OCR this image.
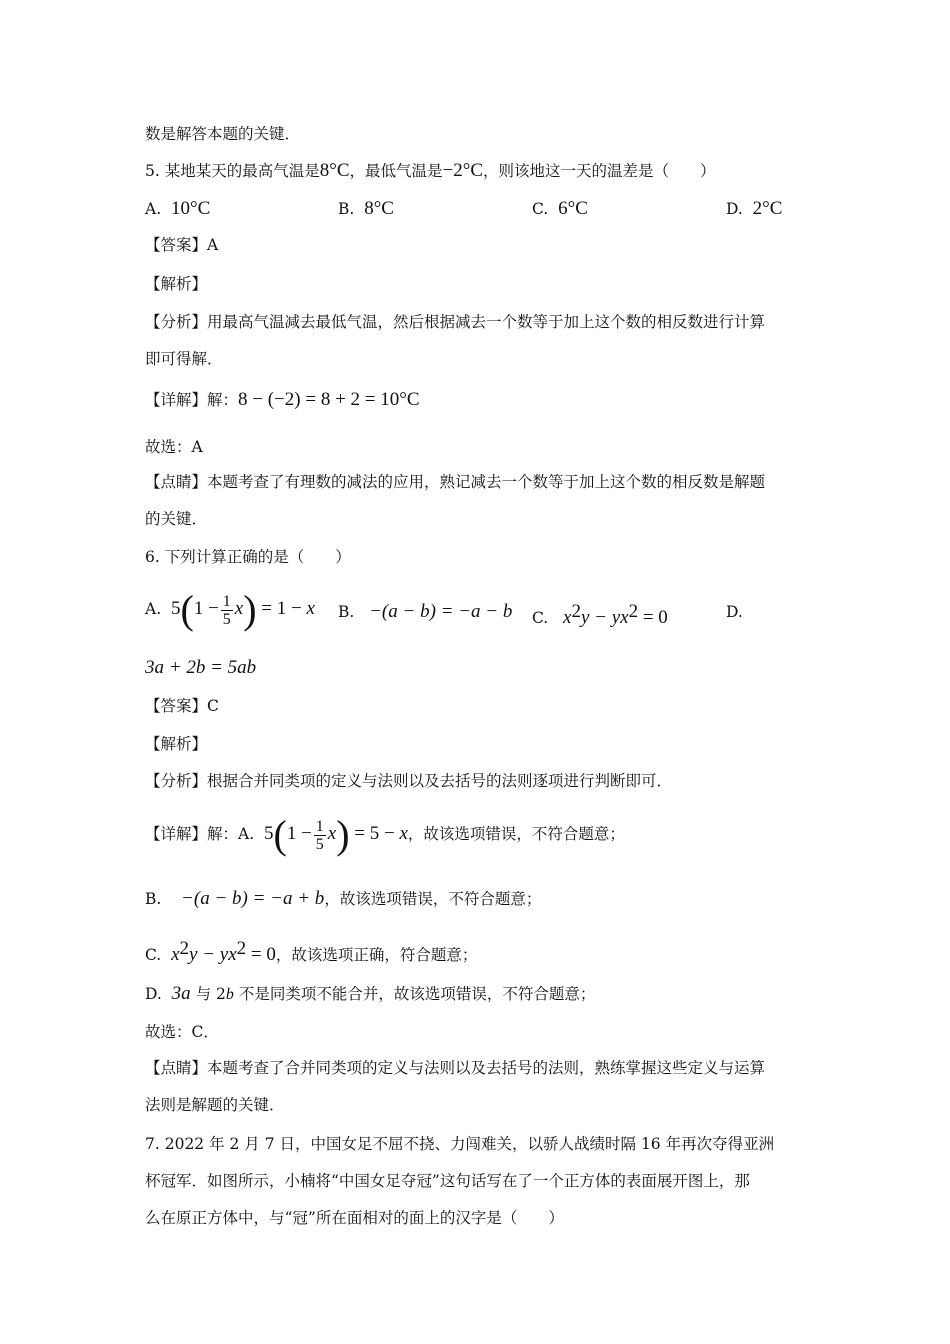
数是解答本题的关键．
5. 某地某天的最高气温是8°C，最低气温是−2°C，则该地这一天的温差是（　　）
A. 10°C	B. 8°C	C. 6°C	D. 2°C
【答案】A
【解析】
【分析】用最高气温减去最低气温，然后根据减去一个数等于加上这个数的相反数进行计算
即可得解．
【详解】解：8 − (−2) = 8 + 2 = 10°C
故选：A
【点睛】本题考查了有理数的减法的应用，熟记减去一个数等于加上这个数的相反数是解题
的关键．
6. 下列计算正确的是（　　）
A. $5(1 - \frac{1}{5} x) = 1 - x$ B. −(a − b) = −a − b C. $x^2y - yx^2 = 0$	D.
3a + 2b = 5ab
【答案】C
【解析】
【分析】根据合并同类项的定义与法则以及去括号的法则逐项进行判断即可．
【详解】解：A. $5(1 - \frac{1}{5} x) = 5 - x$，故该选项错误，不符合题意；
B. −(a − b) = −a + b，故该选项错误，不符合题意；
C. $x^2y - yx^2 = 0$，故该选项正确，符合题意；
D. 3a 与 2b 不是同类项不能合并，故该选项错误，不符合题意；
故选：C．
【点睛】本题考查了合并同类项的定义与法则以及去括号的法则，熟练掌握这些定义与运算
法则是解题的关键．
7. 2022 年 2 月 7 日，中国女足不屈不挠、力闯难关，以骄人战绩时隔 16 年再次夺得亚洲
杯冠军．如图所示，小楠将“中国女足夺冠”这句话写在了一个正方体的表面展开图上，那
么在原正方体中，与“冠”所在面相对的面上的汉字是（　　）
